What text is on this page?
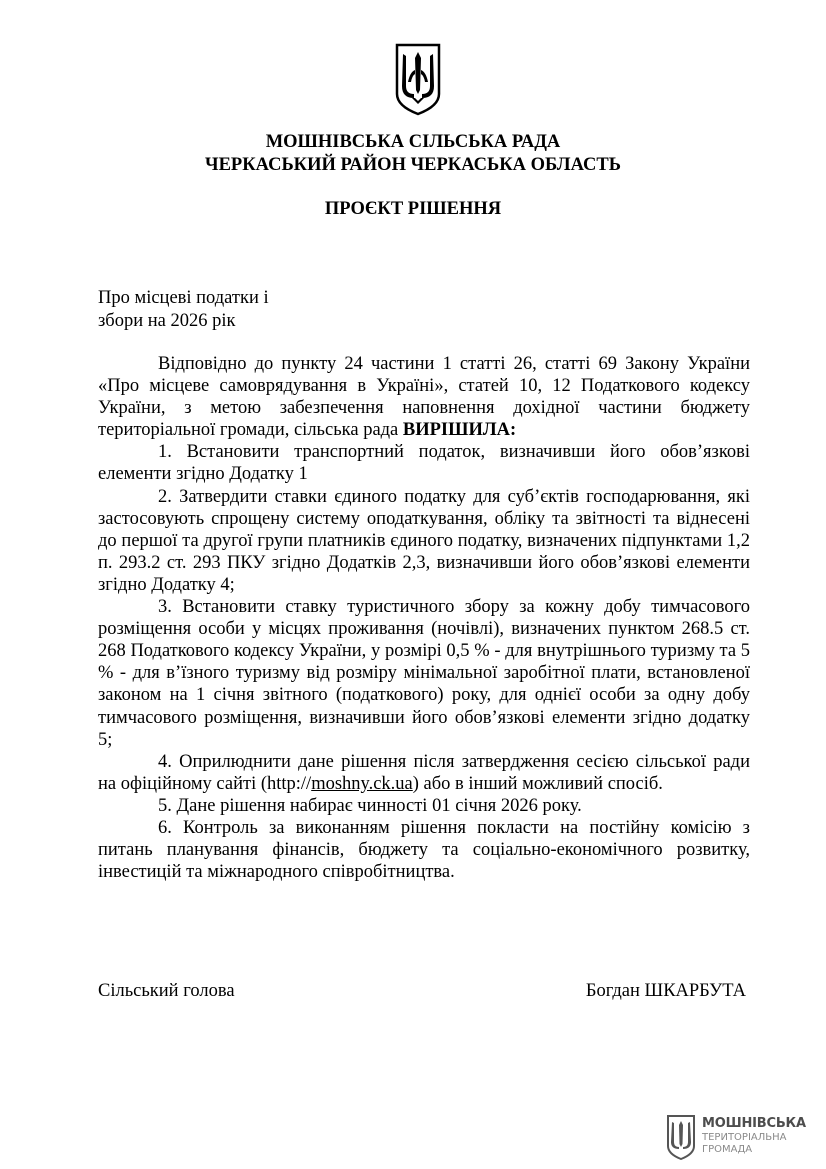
МОШНІВСЬКА СІЛЬСЬКА РАДА
ЧЕРКАСЬКИЙ РАЙОН ЧЕРКАСЬКА ОБЛАСТЬ
ПРОЄКТ РІШЕННЯ
Про місцеві податки і
збори на 2026 рік

Відповідно до пункту 24 частини 1 статті 26, статті 69 Закону України «Про місцеве самоврядування в Україні», статей 10, 12 Податкового кодексу України, з метою забезпечення наповнення дохідної частини бюджету територіальної громади, сільська рада ВИРІШИЛА:

1. Встановити транспортний податок, визначивши його обов’язкові елементи згідно Додатку 1

2. Затвердити ставки єдиного податку для суб’єктів господарювання, які застосовують спрощену систему оподаткування, обліку та звітності та віднесені до першої та другої групи платників єдиного податку, визначених підпунктами 1,2 п. 293.2 ст. 293 ПКУ згідно Додатків 2,3, визначивши його обов’язкові елементи згідно Додатку 4;

3. Встановити ставку туристичного збору за кожну добу тимчасового розміщення особи у місцях проживання (ночівлі), визначених пунктом 268.5 ст. 268 Податкового кодексу України, у розмірі 0,5 % - для внутрішнього туризму та 5 % - для в’їзного туризму від розміру мінімальної заробітної плати, встановленої законом на 1 січня звітного (податкового) року, для однієї особи за одну добу тимчасового розміщення, визначивши його обов’язкові елементи згідно додатку 5;

4. Оприлюднити дане рішення після затвердження сесією сільської ради на офіційному сайті (http://moshny.ck.ua) або в інший можливий спосіб.

5. Дане рішення набирає чинності 01 січня 2026 року.

6. Контроль за виконанням рішення покласти на постійну комісію з питань планування фінансів, бюджету та соціально-економічного розвитку, інвестицій та міжнародного співробітництва.

Сільський голова	Богдан ШКАРБУТА
МОШНІВСЬКА
ТЕРИТОРІАЛЬНА
ГРОМАДА
